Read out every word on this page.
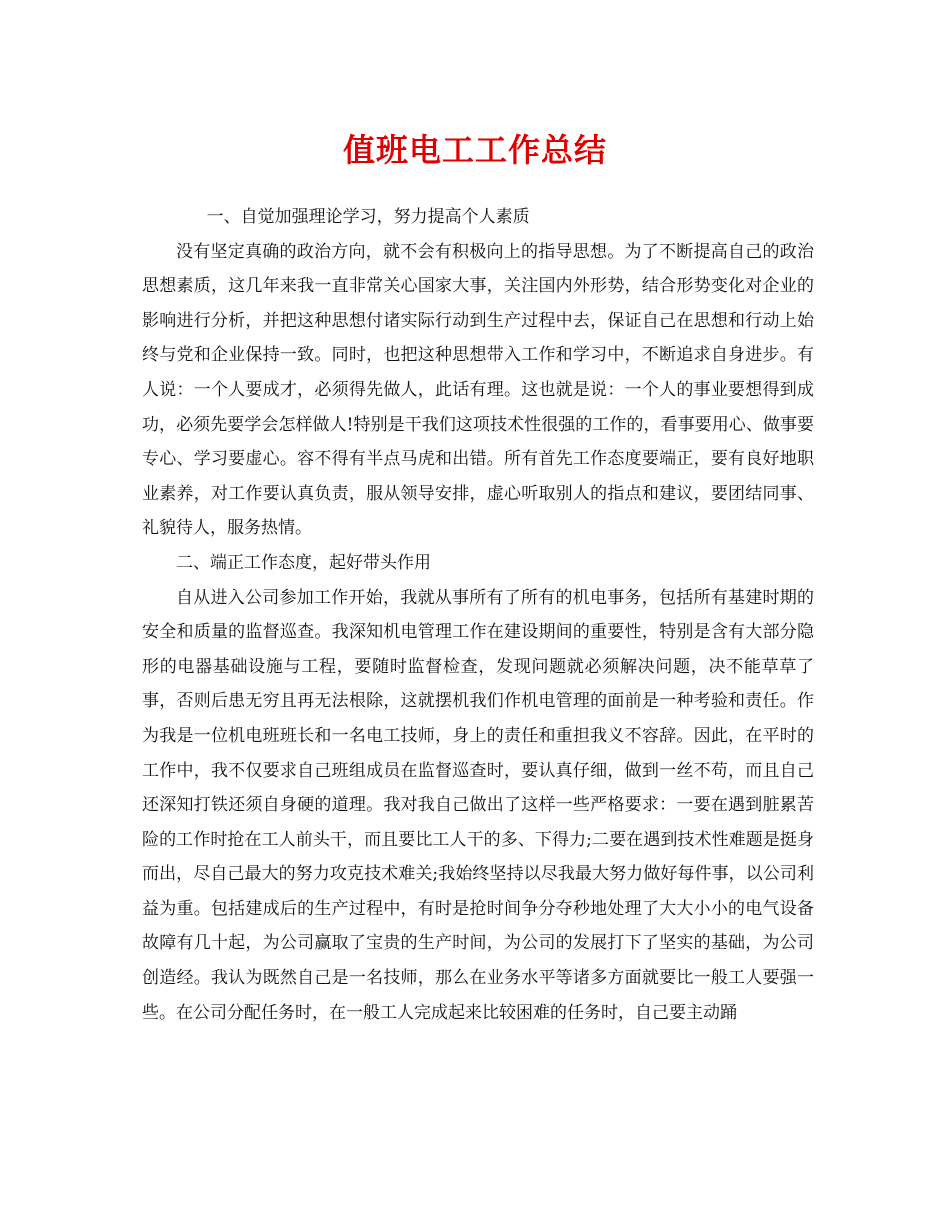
值班电工工作总结

一、自觉加强理论学习，努力提高个人素质

没有坚定真确的政治方向，就不会有积极向上的指导思想。为了不断提高自己的政治思想素质，这几年来我一直非常关心国家大事，关注国内外形势，结合形势变化对企业的影响进行分析，并把这种思想付诸实际行动到生产过程中去，保证自己在思想和行动上始终与党和企业保持一致。同时，也把这种思想带入工作和学习中，不断追求自身进步。有人说：一个人要成才，必须得先做人，此话有理。这也就是说：一个人的事业要想得到成功，必须先要学会怎样做人!特别是干我们这项技术性很强的工作的，看事要用心、做事要专心、学习要虚心。容不得有半点马虎和出错。所有首先工作态度要端正，要有良好地职业素养，对工作要认真负责，服从领导安排，虚心听取别人的指点和建议，要团结同事、礼貌待人，服务热情。

二、端正工作态度，起好带头作用

自从进入公司参加工作开始，我就从事所有了所有的机电事务，包括所有基建时期的安全和质量的监督巡查。我深知机电管理工作在建设期间的重要性，特别是含有大部分隐形的电器基础设施与工程，要随时监督检查，发现问题就必须解决问题，决不能草草了事，否则后患无穷且再无法根除，这就摆机我们作机电管理的面前是一种考验和责任。作为我是一位机电班班长和一名电工技师，身上的责任和重担我义不容辞。因此，在平时的工作中，我不仅要求自己班组成员在监督巡查时，要认真仔细，做到一丝不苟，而且自己还深知打铁还须自身硬的道理。我对我自己做出了这样一些严格要求：一要在遇到脏累苦险的工作时抢在工人前头干，而且要比工人干的多、下得力;二要在遇到技术性难题是挺身而出，尽自己最大的努力攻克技术难关;我始终坚持以尽我最大努力做好每件事，以公司利益为重。包括建成后的生产过程中，有时是抢时间争分夺秒地处理了大大小小的电气设备故障有几十起，为公司赢取了宝贵的生产时间，为公司的发展打下了坚实的基础，为公司创造经。我认为既然自己是一名技师，那么在业务水平等诸多方面就要比一般工人要强一些。在公司分配任务时，在一般工人完成起来比较困难的任务时，自己要主动踊
